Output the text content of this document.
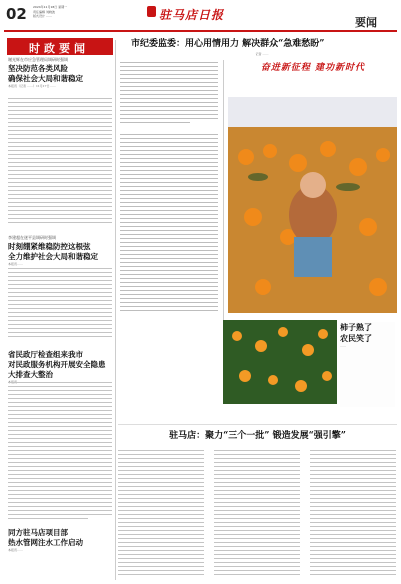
02 2024年11月18日 星期一
责任编辑 刘晓波
版式设计 ……	驻马店日报
要闻
时政要闻
谢光辉在市应急管理局调研时强调
坚决防范各类风险
确保社会大局和谐稳定
本报讯（记者 ……）11月17日……
李建超在遂平县调研时强调
时刻绷紧维稳防控这根弦
全力维护社会大局和谐稳定
本报讯……
省民政厅检查组来我市
对民政服务机构开展安全隐患
大排查大整治
同方驻马店项目部
热水管网注水工作启动
本报讯……
市纪委监委：用心用情用力 解决群众“急难愁盼”
记者 ……
奋进新征程 建功新时代
柿子熟了
农民笑了
……
驻马店：聚力“三个一批” 锻造发展“强引擎”
